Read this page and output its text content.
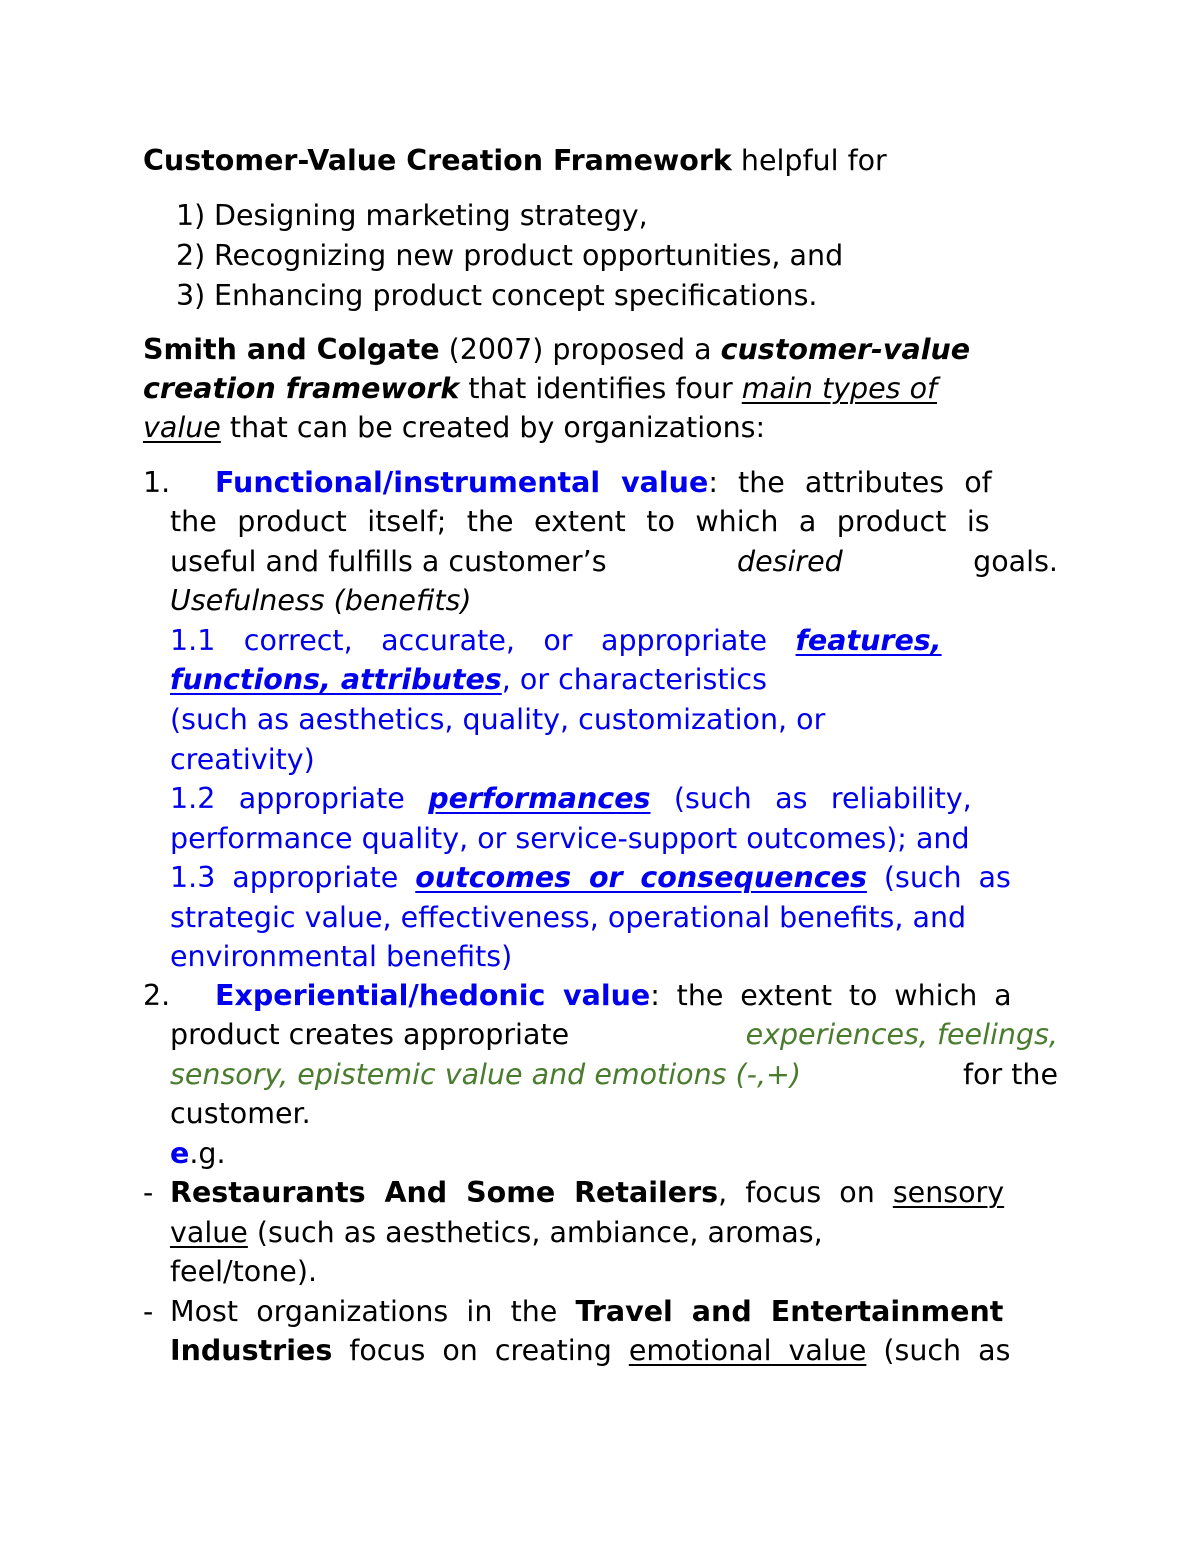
Customer-Value Creation Framework helpful for
1) Designing marketing strategy,
2) Recognizing new product opportunities, and
3) Enhancing product concept specifications.
Smith and Colgate (2007) proposed a customer-value
creation framework that identifies four main types of
value that can be created by organizations:
1. Functional/instrumental value: the attributes of
the product itself; the extent to which a product is
useful and fulfills a customer’s	desired	goals.
Usefulness (benefits)
1.1 correct, accurate, or appropriate features,
functions, attributes, or characteristics
(such as aesthetics, quality, customization, or
creativity)
1.2 appropriate performances (such as reliability,
performance quality, or service-support outcomes); and
1.3 appropriate outcomes or consequences (such as
strategic value, effectiveness, operational benefits, and
environmental benefits)
2. Experiential/hedonic value: the extent to which a
product creates appropriate	experiences, feelings,
sensory, epistemic value and emotions (-,+)	for the
customer.
e.g.
- Restaurants And Some Retailers, focus on sensory
value (such as aesthetics, ambiance, aromas,
feel/tone).
- Most organizations in the Travel and Entertainment
Industries focus on creating emotional value (such as
